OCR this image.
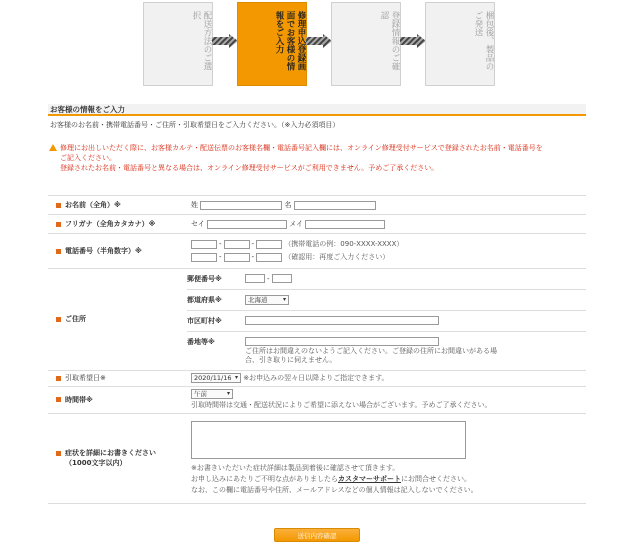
配送方法のご選択	修理申込登録画面でお客様の情報をご入力	登録情報のご確認	梱包後、製品のご発送
お客様の情報をご入力
お客様のお名前・携帯電話番号・ご住所・引取希望日をご入力ください。（※入力必須項目）

修理にお出しいただく際に、お客様カルテ・配送伝票のお客様名欄・電話番号記入欄には、オンライン修理受付サービスで登録されたお名前・電話番号を

ご記入ください。

登録されたお名前・電話番号と異なる場合は、オンライン修理受付サービスがご利用できません。予めご了承ください。

お名前（全角）※	姓	名
フリガナ（全角カタカナ）※	セイ	メイ
電話番号（半角数字）※	
-	-	（携帯電話の例：090-XXXX-XXXX）
-	-	（確認用：再度ご入力ください）

ご住所	
郵便番号※	-
都道府県※	北海道	▾

市区町村※	
番地等※	
ご住所はお間違えのないようご記入ください。ご登録の住所にお間違いがある場
合、引き取りに伺えません。

引取希望日※	2020/11/16 ▾ ※お申込みの翌々日以降よりご指定できます。
時間帯※	午前	▾
引取時間帯は交通・配送状況によりご希望に添えない場合がございます。予めご了承ください。

症状を詳細にお書きください
（1000文字以内）	
※お書きいただいた症状詳細は製品到着後に確認させて頂きます。
お申し込みにあたりご不明な点がありましたらカスタマーサポートにお問合せください。
なお、この欄に電話番号や住所、メールアドレスなどの個人情報は記入しないでください。
送信内容確認
